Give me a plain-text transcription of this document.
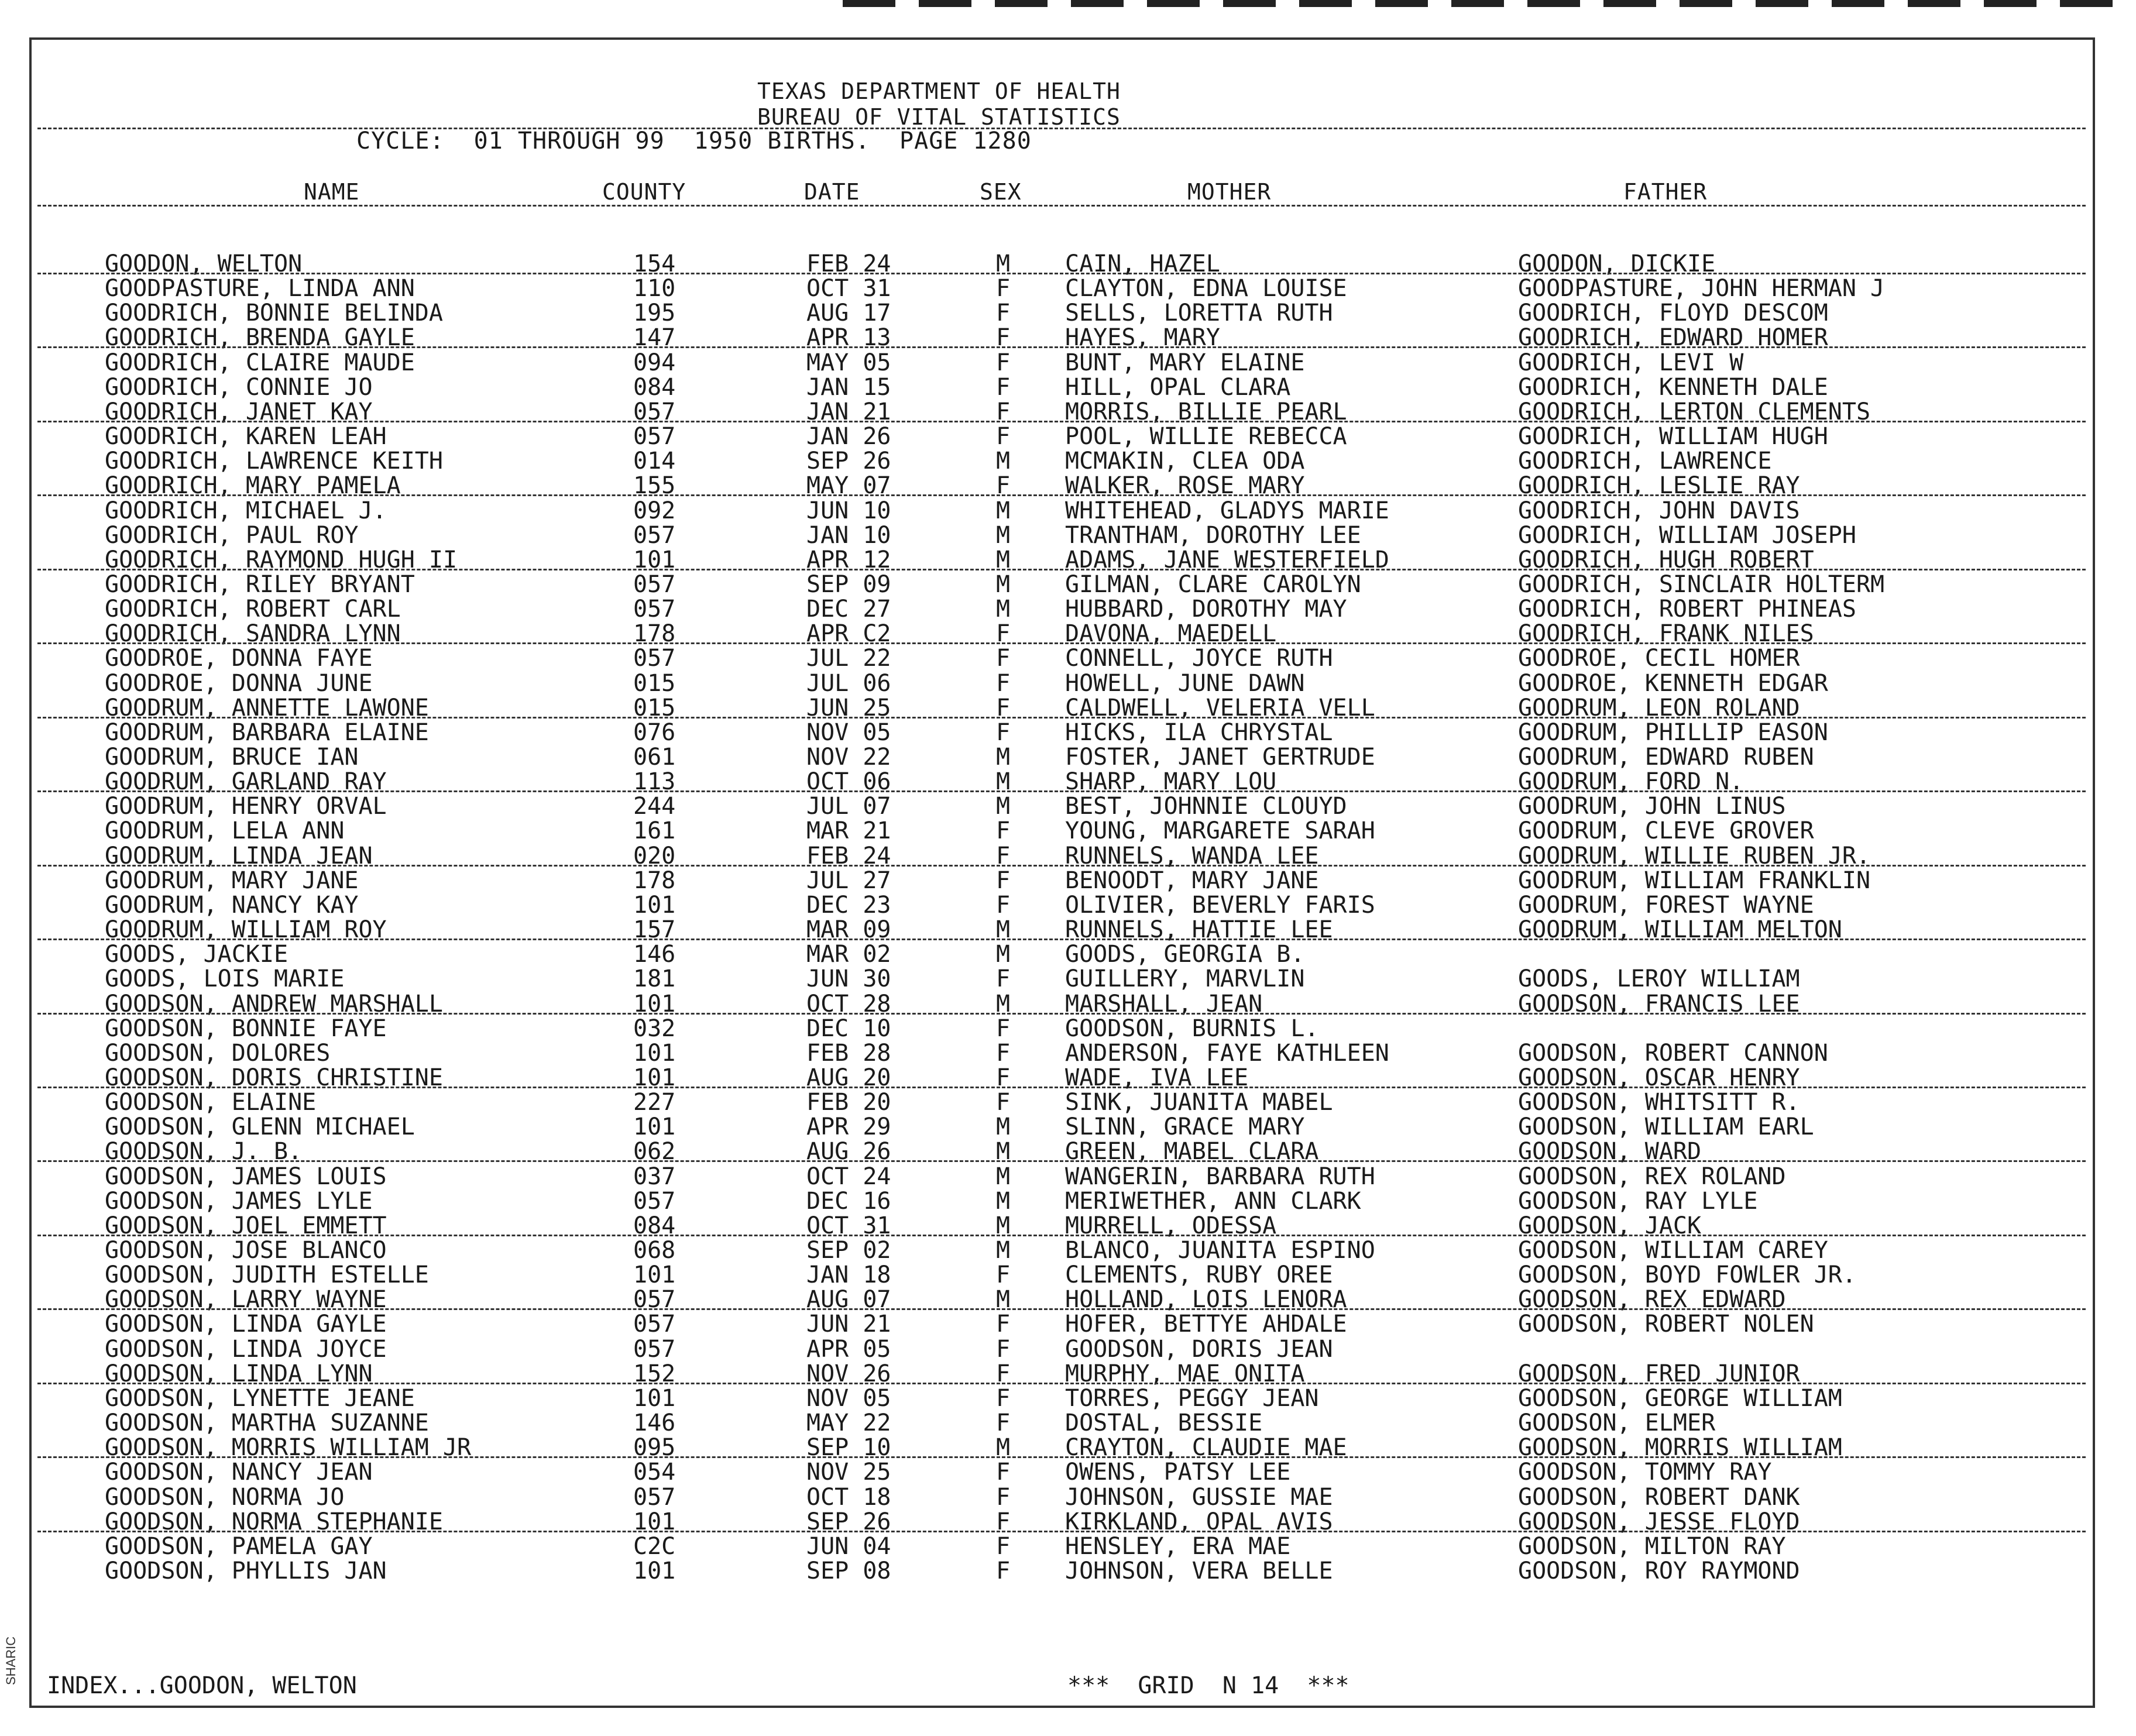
TEXAS DEPARTMENT OF HEALTH
BUREAU OF VITAL STATISTICS
CYCLE:  01 THROUGH 99  1950 BIRTHS.  PAGE 1280
NAME	COUNTY	DATE	SEX	MOTHER	FATHER
GOODON, WELTON	154	FEB 24	M CAIN, HAZEL	GOODON, DICKIE
GOODPASTURE, LINDA ANN	110	OCT 31	F CLAYTON, EDNA LOUISE	GOODPASTURE, JOHN HERMAN J
GOODRICH, BONNIE BELINDA	195	AUG 17	F SELLS, LORETTA RUTH	GOODRICH, FLOYD DESCOM
GOODRICH, BRENDA GAYLE	147	APR 13	F HAYES, MARY	GOODRICH, EDWARD HOMER
GOODRICH, CLAIRE MAUDE	094	MAY 05	F BUNT, MARY ELAINE	GOODRICH, LEVI W
GOODRICH, CONNIE JO	084	JAN 15	F HILL, OPAL CLARA	GOODRICH, KENNETH DALE
GOODRICH, JANET KAY	057	JAN 21	F MORRIS, BILLIE PEARL	GOODRICH, LERTON CLEMENTS
GOODRICH, KAREN LEAH	057	JAN 26	F POOL, WILLIE REBECCA	GOODRICH, WILLIAM HUGH
GOODRICH, LAWRENCE KEITH	014	SEP 26	M MCMAKIN, CLEA ODA	GOODRICH, LAWRENCE
GOODRICH, MARY PAMELA	155	MAY 07	F WALKER, ROSE MARY	GOODRICH, LESLIE RAY
GOODRICH, MICHAEL J.	092	JUN 10	M WHITEHEAD, GLADYS MARIE	GOODRICH, JOHN DAVIS
GOODRICH, PAUL ROY	057	JAN 10	M TRANTHAM, DOROTHY LEE	GOODRICH, WILLIAM JOSEPH
GOODRICH, RAYMOND HUGH II	101	APR 12	M ADAMS, JANE WESTERFIELD	GOODRICH, HUGH ROBERT
GOODRICH, RILEY BRYANT	057	SEP 09	M GILMAN, CLARE CAROLYN	GOODRICH, SINCLAIR HOLTERM
GOODRICH, ROBERT CARL	057	DEC 27	M HUBBARD, DOROTHY MAY	GOODRICH, ROBERT PHINEAS
GOODRICH, SANDRA LYNN	178	APR C2	F DAVONA, MAEDELL	GOODRICH, FRANK NILES
GOODROE, DONNA FAYE	057	JUL 22	F CONNELL, JOYCE RUTH	GOODROE, CECIL HOMER
GOODROE, DONNA JUNE	015	JUL 06	F HOWELL, JUNE DAWN	GOODROE, KENNETH EDGAR
GOODRUM, ANNETTE LAWONE	015	JUN 25	F CALDWELL, VELERIA VELL	GOODRUM, LEON ROLAND
GOODRUM, BARBARA ELAINE	076	NOV 05	F HICKS, ILA CHRYSTAL	GOODRUM, PHILLIP EASON
GOODRUM, BRUCE IAN	061	NOV 22	M FOSTER, JANET GERTRUDE	GOODRUM, EDWARD RUBEN
GOODRUM, GARLAND RAY	113	OCT 06	M SHARP, MARY LOU	GOODRUM, FORD N.
GOODRUM, HENRY ORVAL	244	JUL 07	M BEST, JOHNNIE CLOUYD	GOODRUM, JOHN LINUS
GOODRUM, LELA ANN	161	MAR 21	F YOUNG, MARGARETE SARAH	GOODRUM, CLEVE GROVER
GOODRUM, LINDA JEAN	020	FEB 24	F RUNNELS, WANDA LEE	GOODRUM, WILLIE RUBEN JR.
GOODRUM, MARY JANE	178	JUL 27	F BENOODT, MARY JANE	GOODRUM, WILLIAM FRANKLIN
GOODRUM, NANCY KAY	101	DEC 23	F OLIVIER, BEVERLY FARIS	GOODRUM, FOREST WAYNE
GOODRUM, WILLIAM ROY	157	MAR 09	M RUNNELS, HATTIE LEE	GOODRUM, WILLIAM MELTON
GOODS, JACKIE	146	MAR 02	M GOODS, GEORGIA B.
GOODS, LOIS MARIE	181	JUN 30	F GUILLERY, MARVLIN	GOODS, LEROY WILLIAM
GOODSON, ANDREW MARSHALL	101	OCT 28	M MARSHALL, JEAN	GOODSON, FRANCIS LEE
GOODSON, BONNIE FAYE	032	DEC 10	F GOODSON, BURNIS L.
GOODSON, DOLORES	101	FEB 28	F ANDERSON, FAYE KATHLEEN	GOODSON, ROBERT CANNON
GOODSON, DORIS CHRISTINE	101	AUG 20	F WADE, IVA LEE	GOODSON, OSCAR HENRY
GOODSON, ELAINE	227	FEB 20	F SINK, JUANITA MABEL	GOODSON, WHITSITT R.
GOODSON, GLENN MICHAEL	101	APR 29	M SLINN, GRACE MARY	GOODSON, WILLIAM EARL
GOODSON, J. B.	062	AUG 26	M GREEN, MABEL CLARA	GOODSON, WARD
GOODSON, JAMES LOUIS	037	OCT 24	M WANGERIN, BARBARA RUTH	GOODSON, REX ROLAND
GOODSON, JAMES LYLE	057	DEC 16	M MERIWETHER, ANN CLARK	GOODSON, RAY LYLE
GOODSON, JOEL EMMETT	084	OCT 31	M MURRELL, ODESSA	GOODSON, JACK
GOODSON, JOSE BLANCO	068	SEP 02	M BLANCO, JUANITA ESPINO	GOODSON, WILLIAM CAREY
GOODSON, JUDITH ESTELLE	101	JAN 18	F CLEMENTS, RUBY OREE	GOODSON, BOYD FOWLER JR.
GOODSON, LARRY WAYNE	057	AUG 07	M HOLLAND, LOIS LENORA	GOODSON, REX EDWARD
GOODSON, LINDA GAYLE	057	JUN 21	F HOFER, BETTYE AHDALE	GOODSON, ROBERT NOLEN
GOODSON, LINDA JOYCE	057	APR 05	F GOODSON, DORIS JEAN
GOODSON, LINDA LYNN	152	NOV 26	F MURPHY, MAE ONITA	GOODSON, FRED JUNIOR
GOODSON, LYNETTE JEANE	101	NOV 05	F TORRES, PEGGY JEAN	GOODSON, GEORGE WILLIAM
GOODSON, MARTHA SUZANNE	146	MAY 22	F DOSTAL, BESSIE	GOODSON, ELMER
GOODSON, MORRIS WILLIAM JR	095	SEP 10	M CRAYTON, CLAUDIE MAE	GOODSON, MORRIS WILLIAM
GOODSON, NANCY JEAN	054	NOV 25	F OWENS, PATSY LEE	GOODSON, TOMMY RAY
GOODSON, NORMA JO	057	OCT 18	F JOHNSON, GUSSIE MAE	GOODSON, ROBERT DANK
GOODSON, NORMA STEPHANIE	101	SEP 26	F KIRKLAND, OPAL AVIS	GOODSON, JESSE FLOYD
GOODSON, PAMELA GAY	C2C	JUN 04	F HENSLEY, ERA MAE	GOODSON, MILTON RAY
GOODSON, PHYLLIS JAN	101	SEP 08	F JOHNSON, VERA BELLE	GOODSON, ROY RAYMOND
INDEX...GOODON, WELTON	***  GRID  N 14  ***
SHARIC
